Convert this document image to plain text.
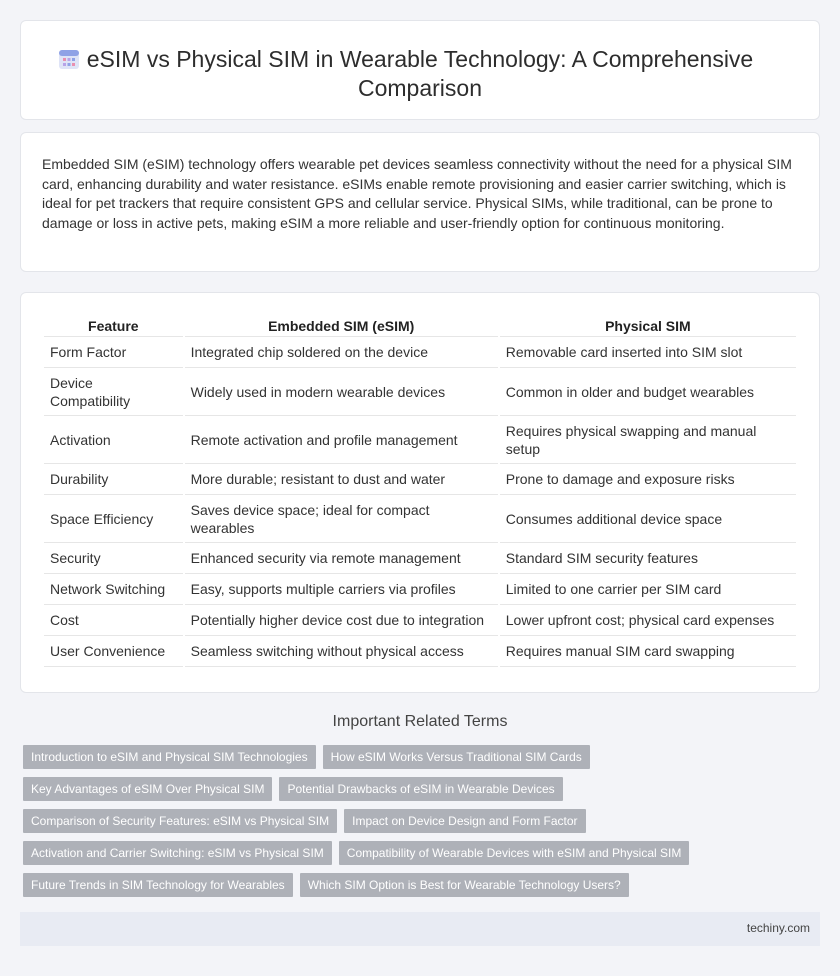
eSIM vs Physical SIM in Wearable Technology: A Comprehensive Comparison

Embedded SIM (eSIM) technology offers wearable pet devices seamless connectivity without the need for a physical SIM card, enhancing durability and water resistance. eSIMs enable remote provisioning and easier carrier switching, which is ideal for pet trackers that require consistent GPS and cellular service. Physical SIMs, while traditional, can be prone to damage or loss in active pets, making eSIM a more reliable and user-friendly option for continuous monitoring.

Feature	Embedded SIM (eSIM)	Physical SIM
Form Factor	Integrated chip soldered on the device	Removable card inserted into SIM slot
Device Compatibility	Widely used in modern wearable devices	Common in older and budget wearables
Activation	Remote activation and profile management	Requires physical swapping and manual setup
Durability	More durable; resistant to dust and water	Prone to damage and exposure risks
Space Efficiency	Saves device space; ideal for compact wearables	Consumes additional device space
Security	Enhanced security via remote management	Standard SIM security features
Network Switching	Easy, supports multiple carriers via profiles	Limited to one carrier per SIM card
Cost	Potentially higher device cost due to integration	Lower upfront cost; physical card expenses
User Convenience	Seamless switching without physical access	Requires manual SIM card swapping
Important Related Terms
Introduction to eSIM and Physical SIM Technologies	How eSIM Works Versus Traditional SIM Cards
Key Advantages of eSIM Over Physical SIM	Potential Drawbacks of eSIM in Wearable Devices
Comparison of Security Features: eSIM vs Physical SIM	Impact on Device Design and Form Factor
Activation and Carrier Switching: eSIM vs Physical SIM	Compatibility of Wearable Devices with eSIM and Physical SIM
Future Trends in SIM Technology for Wearables	Which SIM Option is Best for Wearable Technology Users?
techiny.com
